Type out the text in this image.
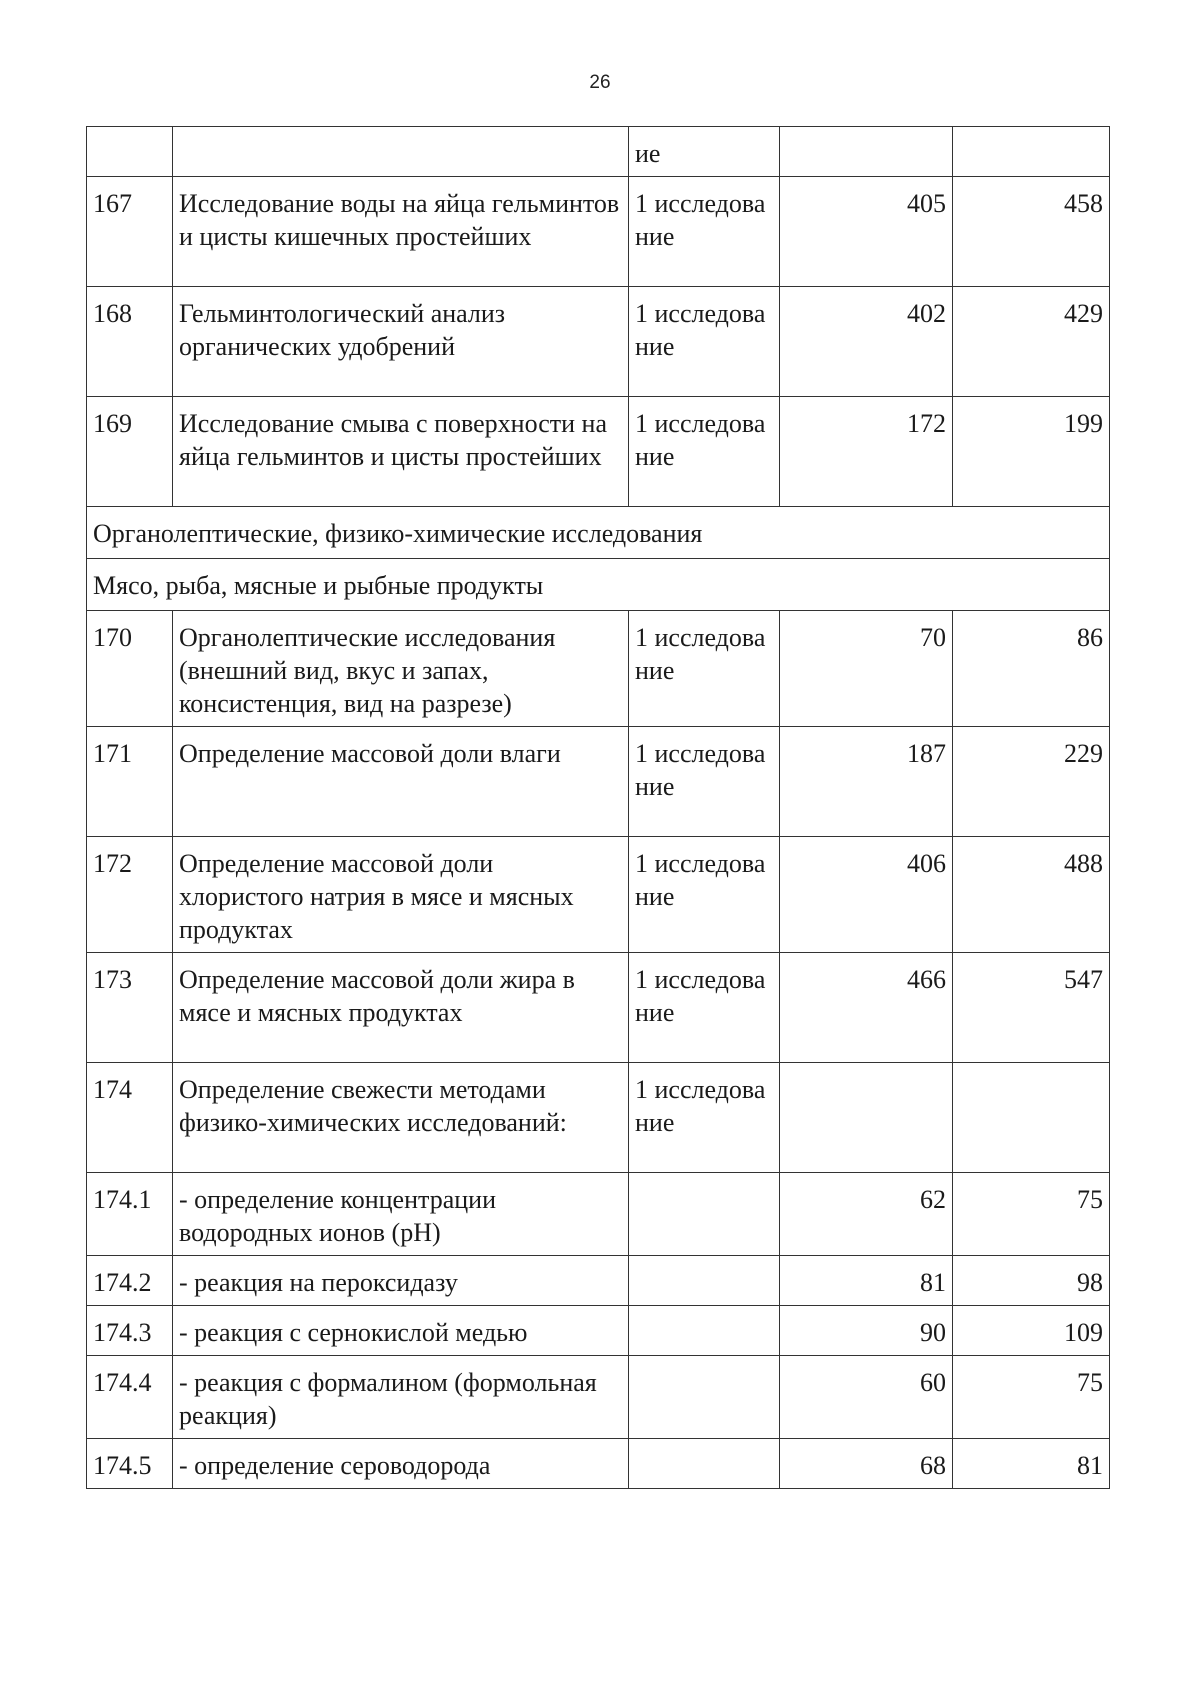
26
		ие		
167	Исследование воды на яйца гельминтов и цисты кишечных простейших	1 исследование	405	458
168	Гельминтологический анализ органических удобрений	1 исследование	402	429
169	Исследование смыва с поверхности на яйца гельминтов и цисты простейших	1 исследование	172	199
Органолептические, физико-химические исследования				
Мясо, рыба, мясные и рыбные продукты				
170	Органолептические исследования (внешний вид, вкус и запах, консистенция, вид на разрезе)	1 исследование	70	86
171	Определение массовой доли влаги	1 исследование	187	229
172	Определение массовой доли хлористого натрия в мясе и мясных продуктах	1 исследование	406	488
173	Определение массовой доли жира в мясе и мясных продуктах	1 исследование	466	547
174	Определение свежести методами физико-химических исследований:	1 исследование		
174.1	- определение концентрации водородных ионов (рН)		62	75
174.2	- реакция на пероксидазу		81	98
174.3	- реакция с сернокислой медью		90	109
174.4	- реакция с формалином (формольная реакция)		60	75
174.5	- определение сероводорода		68	81
